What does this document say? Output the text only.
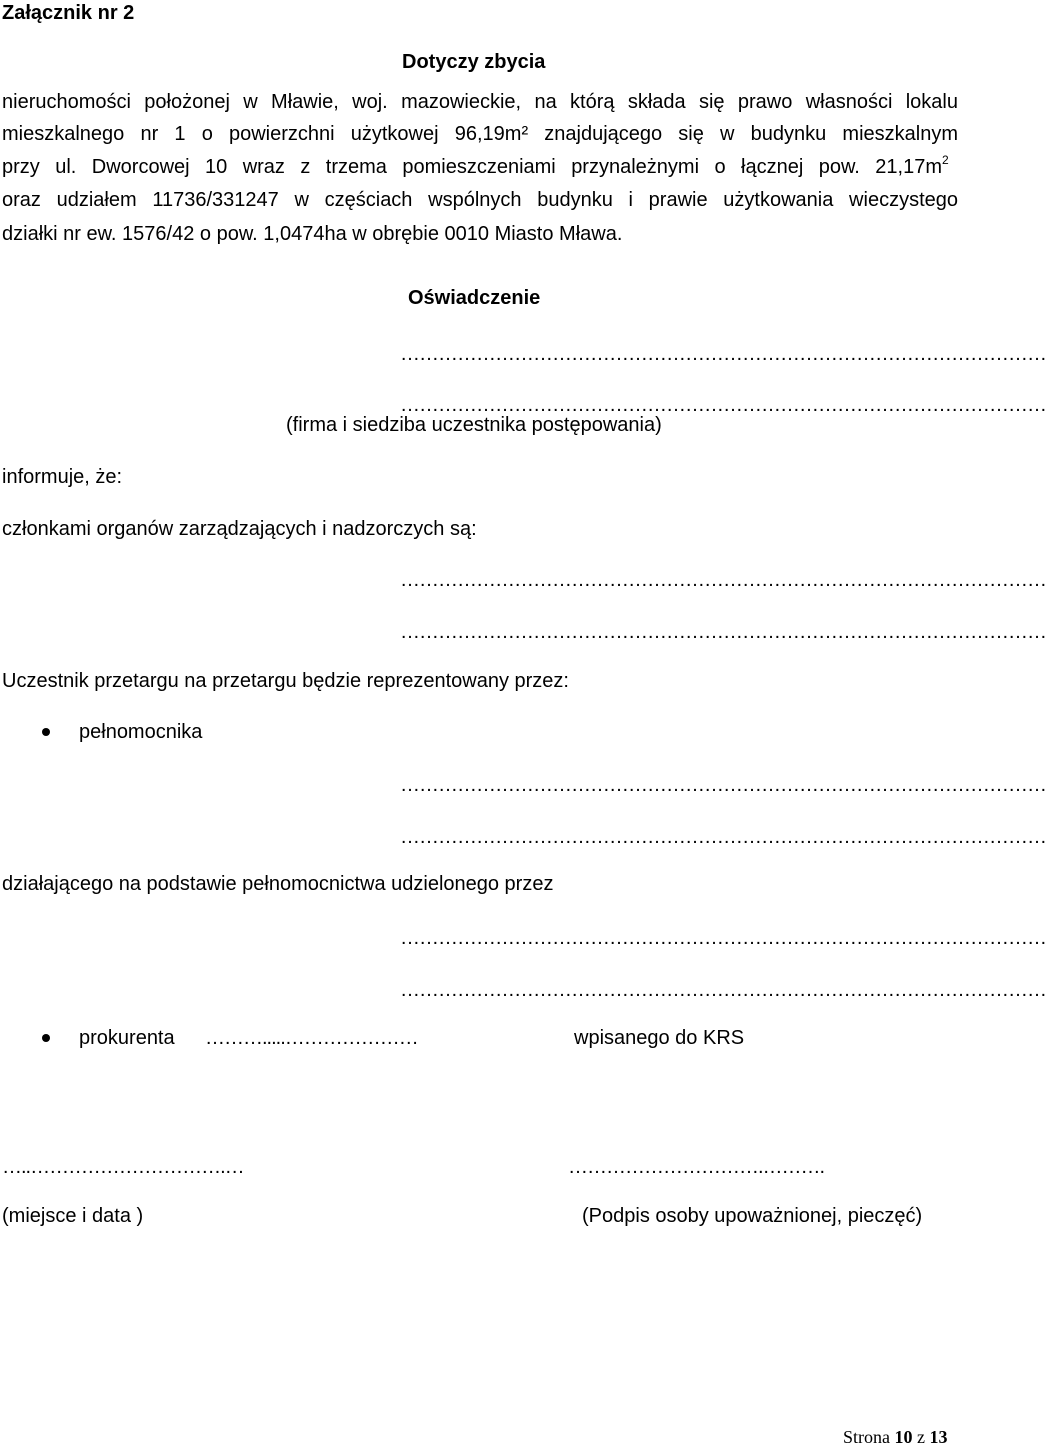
Załącznik nr 2
Dotyczy zbycia
nieruchomości położonej w Mławie, woj. mazowieckie, na którą składa się prawo własności lokalu
mieszkalnego nr 1 o powierzchni użytkowej 96,19m² znajdującego się w budynku mieszkalnym
przy ul. Dworcowej 10 wraz z trzema pomieszczeniami przynależnymi o łącznej pow. $21,17m^2$
oraz udziałem 11736/331247 w częściach wspólnych budynku i prawie użytkowania wieczystego
działki nr ew. 1576/42 o pow. 1,0474ha w obrębie 0010 Miasto Mława.
Oświadczenie
…………………………………………………………………………………………
…………………………………………………………………………………………
(firma i siedziba uczestnika postępowania)
informuje, że:
członkami organów zarządzających i nadzorczych są:
…………………………………………………………………………………………
…………………………………………………………………………………………
Uczestnik przetargu na przetargu będzie reprezentowany przez:
pełnomocnika
…………………………………………………………………………………………
…………………………………………………………………………………………
działającego na podstawie pełnomocnictwa udzielonego przez
…………………………………………………………………………………………
…………………………………………………………………………………………
prokurenta ……….....…………………	wpisanego do KRS
…..………………………….…	………………………….……….
(miejsce i data )	(Podpis osoby upoważnionej, pieczęć)
Strona 10 z 13
